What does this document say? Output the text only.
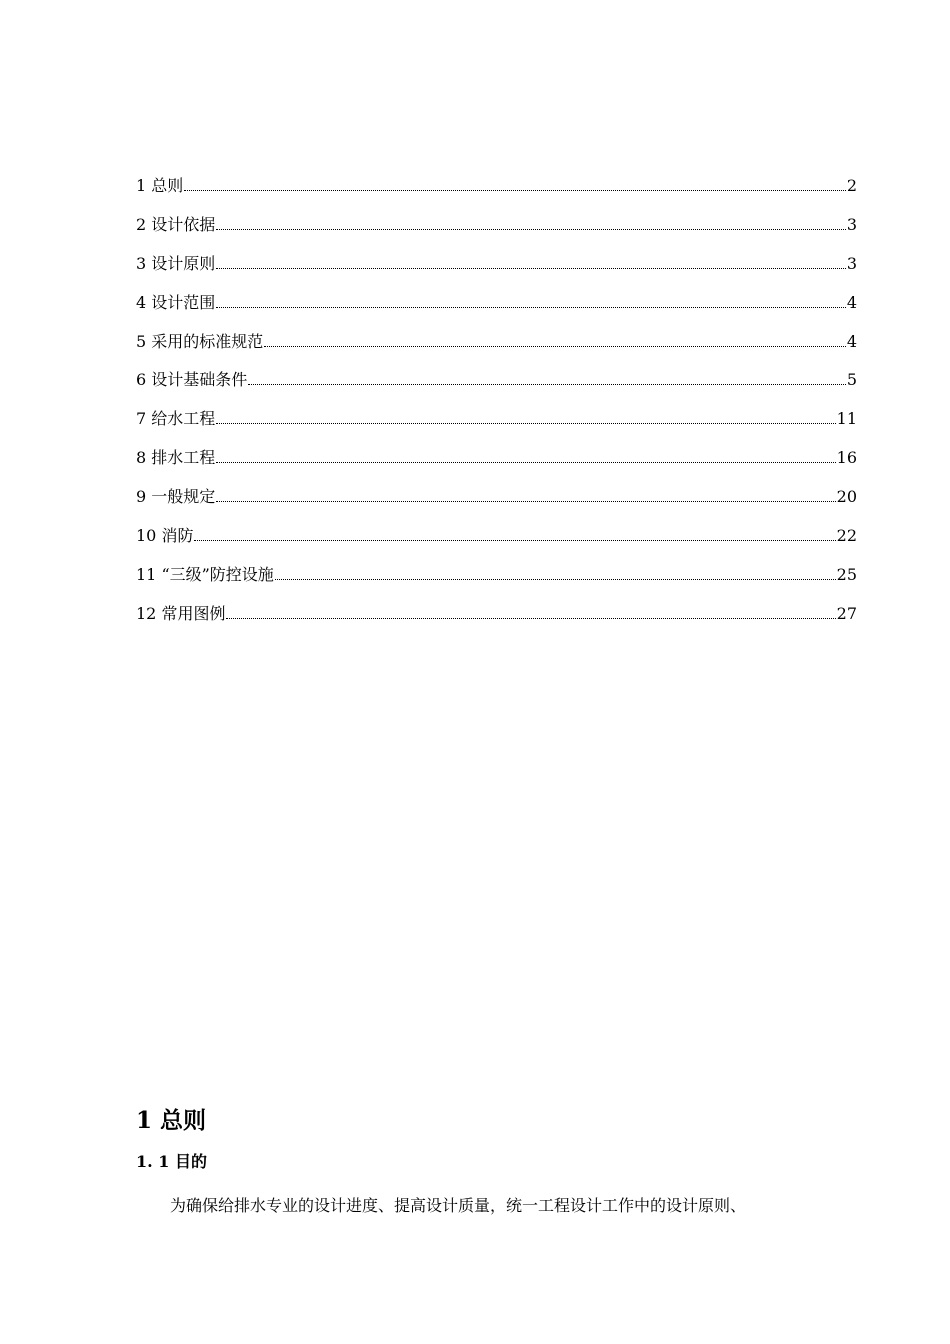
1 总则	2
2 设计依据	3
3 设计原则	3
4 设计范围	4
5 采用的标准规范	4
6 设计基础条件	5
7 给水工程	11
8 排水工程	16
9 一般规定	20
10 消防	22
11 “三级”防控设施	25
12 常用图例	27
1 总则
1. 1 目的

为确保给排水专业的设计进度、提高设计质量，统一工程设计工作中的设计原则、
